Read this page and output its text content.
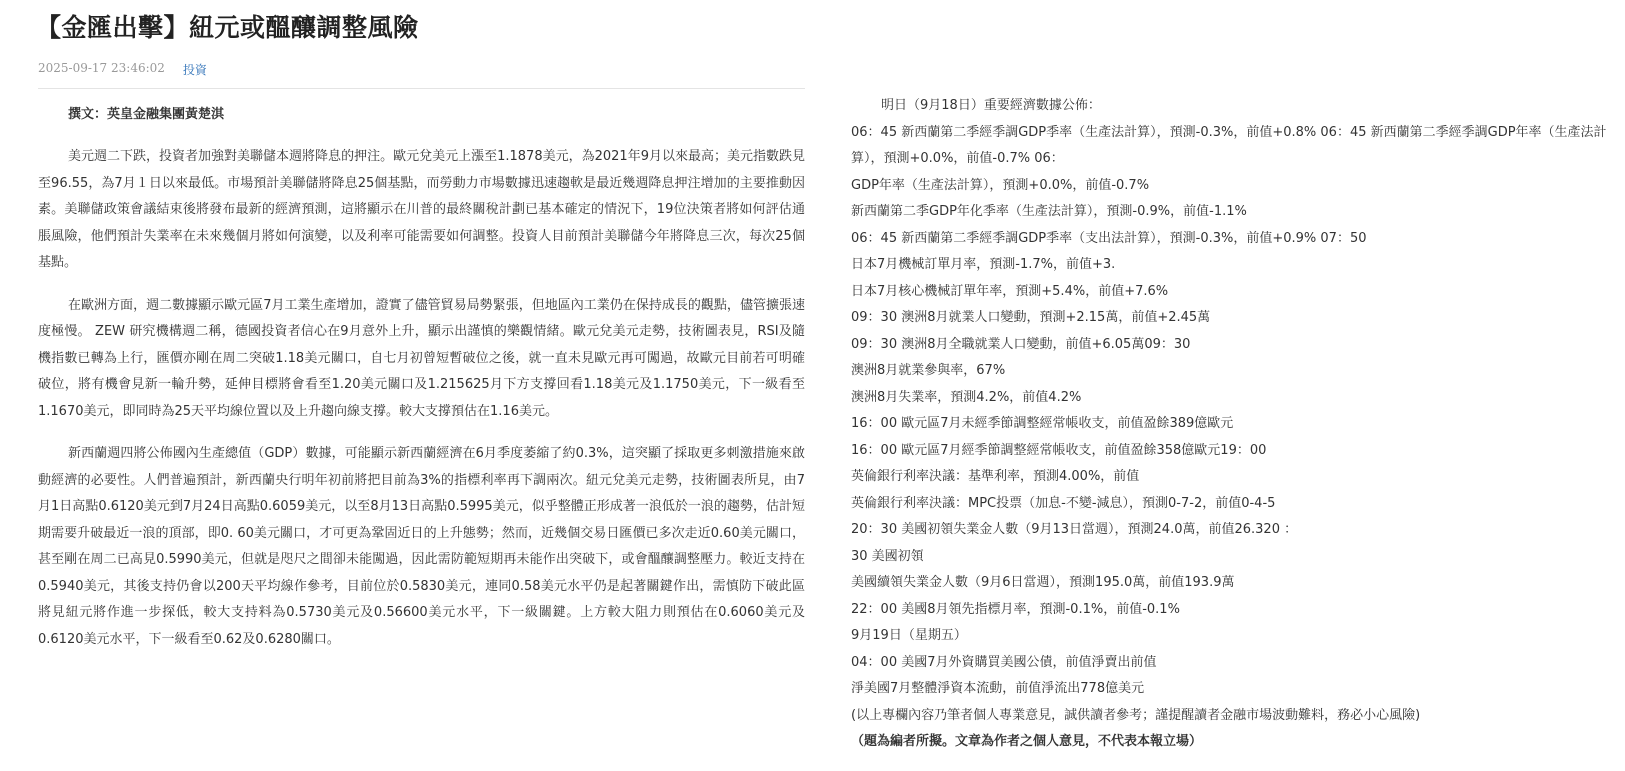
【金匯出擊】紐元或醞釀調整風險
2025-09-17 23:46:02 投資

撰文：英皇金融集團黃楚淇

美元週二下跌，投資者加強對美聯儲本週將降息的押注。歐元兌美元上漲至1.1878美元，為2021年9月以來最高；美元指數跌見至96.55，為7月１日以來最低。市場預計美聯儲將降息25個基點，而勞動力市場數據迅速趨軟是最近幾週降息押注增加的主要推動因素。美聯儲政策會議結束後將發布最新的經濟預測，這將顯示在川普的最終關稅計劃已基本確定的情況下，19位決策者將如何評估通脹風險，他們預計失業率在未來幾個月將如何演變，以及利率可能需要如何調整。投資人目前預計美聯儲今年將降息三次，每次25個基點。

在歐洲方面，週二數據顯示歐元區7月工業生產增加，證實了儘管貿易局勢緊張，但地區內工業仍在保持成長的觀點，儘管擴張速度極慢。 ZEW 研究機構週二稱，德國投資者信心在9月意外上升，顯示出謹慎的樂觀情緒。歐元兌美元走勢，技術圖表見，RSI及隨機指數已轉為上行，匯價亦剛在周二突破1.18美元關口，自七月初曾短暫破位之後，就一直未見歐元再可闖過，故歐元目前若可明確破位，將有機會見新一輪升勢，延伸目標將會看至1.20美元關口及1.215625月下方支撐回看1.18美元及1.1750美元，下一級看至1.1670美元，即同時為25天平均線位置以及上升趨向線支撐。較大支撐預估在1.16美元。

新西蘭週四將公佈國內生產總值（GDP）數據，可能顯示新西蘭經濟在6月季度萎縮了約0.3%，這突顯了採取更多刺激措施來啟動經濟的必要性。人們普遍預計，新西蘭央行明年初前將把目前為3%的指標利率再下調兩次。紐元兌美元走勢，技術圖表所見，由7月1日高點0.6120美元到7月24日高點0.6059美元，以至8月13日高點0.5995美元，似乎整體正形成著一浪低於一浪的趨勢，估計短期需要升破最近一浪的頂部，即0. 60美元關口，才可更為鞏固近日的上升態勢；然而，近幾個交易日匯價已多次走近0.60美元關口，甚至剛在周二已高見0.5990美元，但就是咫尺之間卻未能闖過，因此需防範短期再未能作出突破下，或會醞釀調整壓力。較近支持在0.5940美元，其後支持仍會以200天平均線作參考，目前位於0.5830美元，連同0.58美元水平仍是起著關鍵作出，需慎防下破此區將見紐元將作進一步探低，較大支持料為0.5730美元及0.56600美元水平，下一級關鍵。上方較大阻力則預估在0.6060美元及0.6120美元水平，下一級看至0.62及0.6280關口。

明日（9月18日）重要經濟數據公佈：

06：45 新西蘭第二季經季調GDP季率（生產法計算），預測-0.3%，前值+0.8% 06：45 新西蘭第二季經季調GDP年率（生產法計算），預測+0.0%，前值-0.7% 06：

GDP年率（生產法計算），預測+0.0%，前值-0.7%

新西蘭第二季GDP年化季率（生產法計算），預測-0.9%，前值-1.1%

06：45 新西蘭第二季經季調GDP季率（支出法計算），預測-0.3%，前值+0.9% 07：50

日本7月機械訂單月率，預測-1.7%，前值+3.

日本7月核心機械訂單年率，預測+5.4%，前值+7.6%

09：30 澳洲8月就業人口變動，預測+2.15萬，前值+2.45萬

09：30 澳洲8月全職就業人口變動，前值+6.05萬09：30

澳洲8月就業參與率，67%

澳洲8月失業率，預測4.2%，前值4.2%

16：00 歐元區7月未經季節調整經常帳收支，前值盈餘389億歐元

16：00 歐元區7月經季節調整經常帳收支，前值盈餘358億歐元19：00

英倫銀行利率決議：基準利率，預測4.00%，前值

英倫銀行利率決議：MPC投票（加息-不變-減息），預測0-7-2，前值0-4-5

20：30 美國初領失業金人數（9月13日當週），預測24.0萬，前值26.320 ：

30 美國初領

美國續領失業金人數（9月6日當週），預測195.0萬，前值193.9萬

22：00 美國8月領先指標月率，預測-0.1%，前值-0.1%

9月19日（星期五）

04：00 美國7月外資購買美國公債，前值淨賣出前值

淨美國7月整體淨資本流動，前值淨流出778億美元

(以上專欄內容乃筆者個人專業意見，誠供讀者參考；謹提醒讀者金融市場波動難料，務必小心風險)

（題為編者所擬。文章為作者之個人意見，不代表本報立場）
